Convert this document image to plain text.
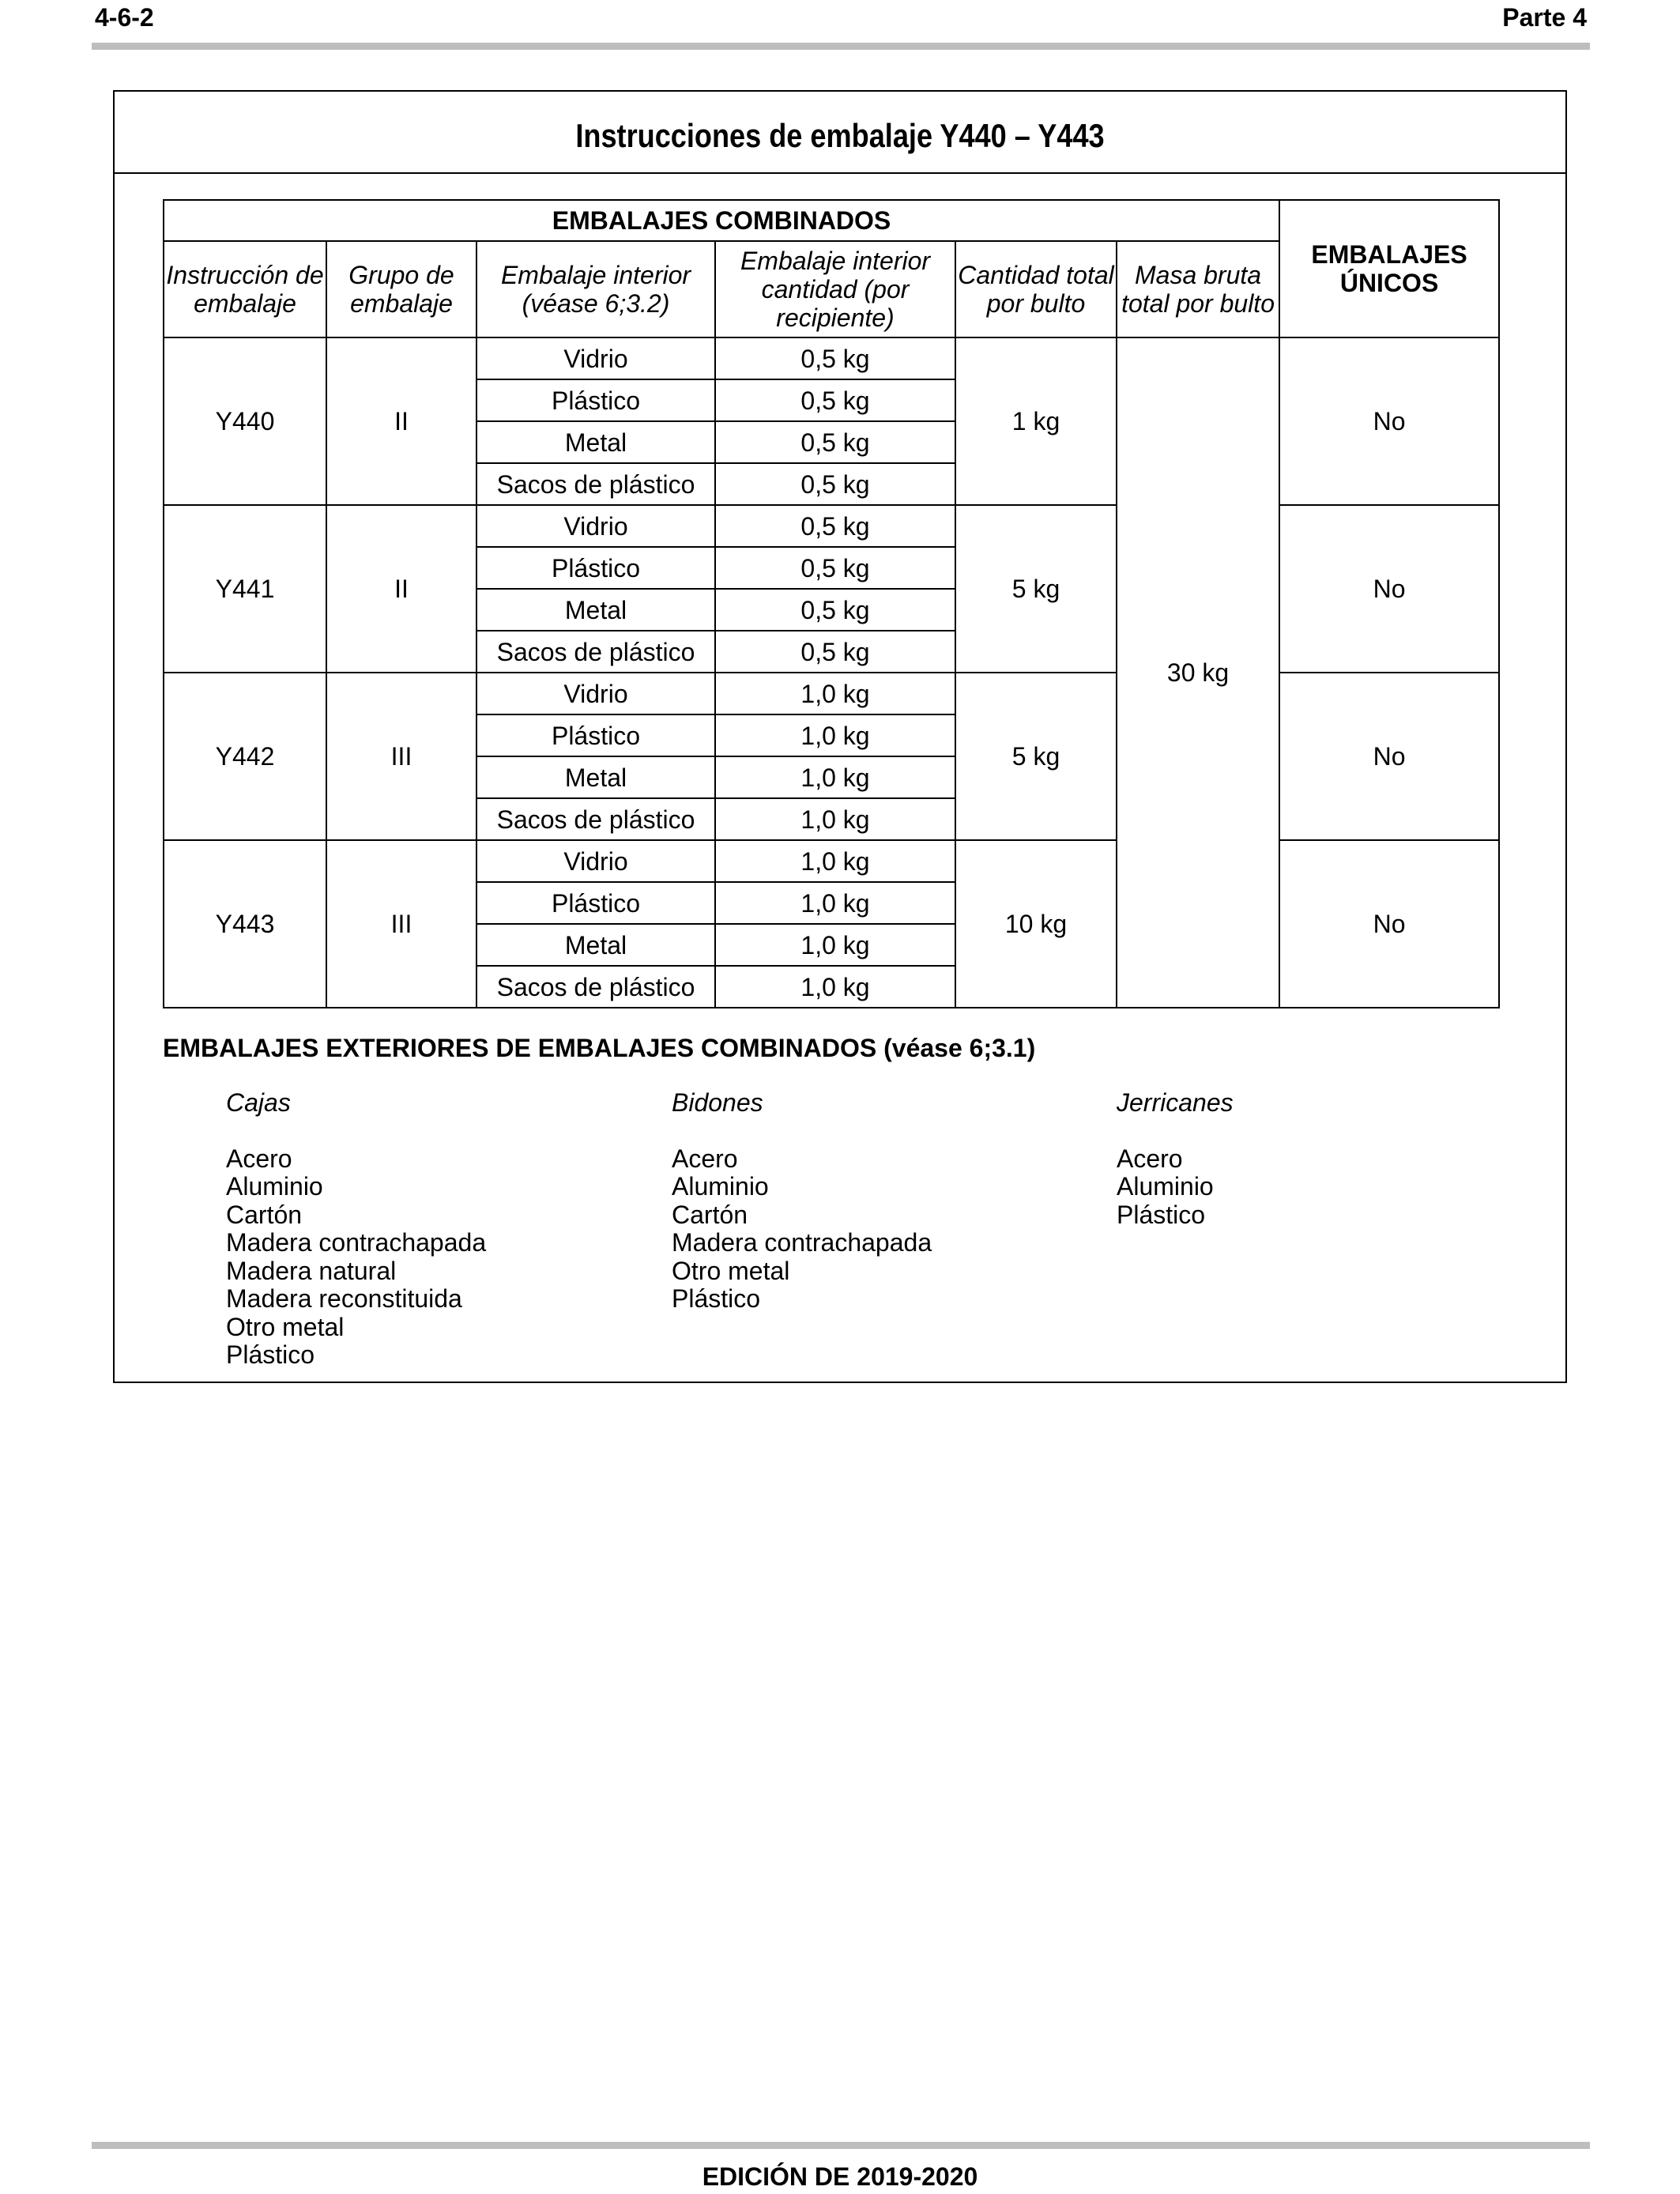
4-6-2	Parte 4
Instrucciones de embalaje Y440 – Y443
EMBALAJES COMBINADOS						EMBALAJES ÚNICOS
Instrucción de embalaje	Grupo de embalaje	Embalaje interior (véase 6;3.2)	Embalaje interior cantidad (por recipiente)	Cantidad total por bulto	Masa bruta total por bulto	
Y440	II	Vidrio	0,5 kg	1 kg	30 kg	No
		Plástico	0,5 kg			
		Metal	0,5 kg			
		Sacos de plástico	0,5 kg			
Y441	II	Vidrio	0,5 kg	5 kg		No
		Plástico	0,5 kg			
		Metal	0,5 kg			
		Sacos de plástico	0,5 kg			
Y442	III	Vidrio	1,0 kg	5 kg		No
		Plástico	1,0 kg			
		Metal	1,0 kg			
		Sacos de plástico	1,0 kg			
Y443	III	Vidrio	1,0 kg	10 kg		No
		Plástico	1,0 kg			
		Metal	1,0 kg			
		Sacos de plástico	1,0 kg			
EMBALAJES EXTERIORES DE EMBALAJES COMBINADOS (véase 6;3.1)
Cajas
Acero
Aluminio
Cartón
Madera contrachapada
Madera natural
Madera reconstituida
Otro metal
Plástico
Bidones
Acero
Aluminio
Cartón
Madera contrachapada
Otro metal
Plástico
Jerricanes
Acero
Aluminio
Plástico
EDICIÓN DE 2019-2020
